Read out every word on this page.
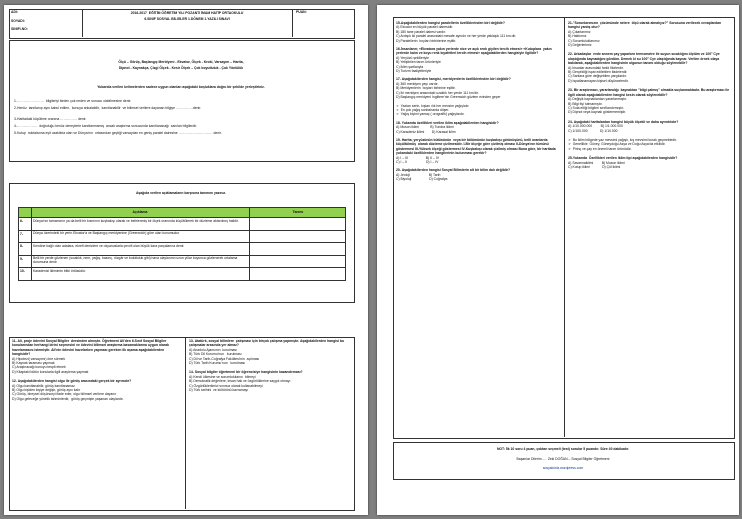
ADI:
SOYADI:
SINIFI-NO:
2016-2017  EĞİTİM ÖĞRETİM YILI POZANTI İMAM HATİP ORTAOKULU
6.SINIF SOSYAL BİLGİLER 1.DÖNEM 1.YAZILI SINAVI
PUAN:
Ölçü – Görüş, Başlangıç Meridyeni - Ekvator, Ölçek - Kroki, Varsayım – Harita,
Dipnot - Kaynakça, Çizgi Ölçek - Kesir Ölçek – Çok boyutluluk - Çok Yönlülük
Yukarıda verilen kelimelerden sadece uygun olanları aşağıdaki boşluklara doğru bir şekilde yerleştiriniz.
1.……………………  bilgileriyi birden çok neden ve sonucu olabilmesine denir.
2-Henüz  tanıtlanıp aynı kabul edilen,  konuya ankalabilir,  kanıtlanabilir  ve bilimsel verilere dayanan bilgiye ……………denir.
3-Haritadaki küçültme oranına …………… denir.
4-………………  doğruluğu henüz deneylerle kanıtlanmamış  ancak araştırma sonucunda kanıtlanacağı  sanılan bilgilerdir.
5-Kutup  noktalarına eşit uzaklıkta olan ve Dünya'nın  ortasından geçtiği varsayılan en geniş paralel dairesine ………………………… denir.
Aşağıda verilen açıklamaların karşısına tanımını yazınız.
Açıklama	Tanımı
6-	Dünya'nın tamamının ya da belli bir kısmının kuşbakışı olarak ve belirlenmiş bir ölçek oranında küçültülerek bir düzleme aktarılmış halidir.
7-	Dünya üzerindeki bir yerin Ekvator'a ve Başlangıç meridyenine (Greenwich) göre olan konumudur
8-	Kendine bağlı olan adalara, ekrefi denizlere ve okyanuslarla çevrili olan büyük kara parçalarına denir.
9-	Belli bir yerde gözlenen (sıcaklık, nem, yağış, basınç, rüzgâr ve bulutluluk gibi) hava olaylarının uzun yıllar boyunca gözlenerek ortalama durumuna denir.
10-	Karadenizi iklimimin bitki örtüsüdür.
11- Ali, proje ödevini Sosyal Bilgiler  dersinden almıştır. Öğretmeni Ali'den 6.Sınıf Sosyal Bilgiler konularından herhangi birini seçmesini ve ödevini bilimsel araştırma basamaklarına uygun olarak hazırlamasını istemiştir. Ali'nin ödevini hazırlarken yapması gereken ilk aşama aşağıdakilerden hangisidir?
A) Hipotezi( varsayımı) öne sürmek
B) Kaynak taraması yapmak
C) Araştıracağı konuyu tespit etmek
D) Kitaptaki bütün konularla ilgili araştırma yapmak
12- Aşağıdakilerden hangisi olgu ile görüş arasındaki gerçek bir ayrımdır?
A) Olgu kanıtlanabilir, görüş kanıtlanamaz
B) Olgu kişiden kişiye değişir, görüş aynı kalır
C) Görüş, bireysel düşünceyi ifade eder, olgu bilimsel verilere dayanır
D) Olgu geleceğe yönelik tahminlerdir,  görüş geçmişte yaşanan olaylardır.
13- Atatürk, sosyal bilimlere  çalışması için birçok çalışma yapmıştır. Aşağıdakilerden hangisi bu çalışmalar arasında yer almaz?
A) Anadolu Ajansının  kurulması
B) Türk Dil Kurumu'nun   kurulması
C) Dil ve Tarih-Coğrafya Fakültesi'nin  açılması
D) Türk Tarih Kurumu'nun   kurulması
14- Sosyal bilgiler öğretmeni bir öğrencisiye hangisinin kazandırması?
A) Kendi ülkesine ve sorumlulularını  bilmeyi
B) Demokratik değerlere, insan hak ve özgürlüklerine saygılı olmayı
C) Özgürlükleriimizi sınırsız olarak kullanabilmeyi
D) Türk tarihini  ve kültürünü kavramayı
15-Aşağıdakilerden hangisi paralellerin özelliklerinden biri değildir?
A) Ekvator en büyük paralel dairesidir.
B) 180 tane paralel dairesi vardır.
C) Ardışık iki paralel arasındaki mesafe aynıdır ve her yerde yaklaşık 111 km.dir.
D) Paralellerin  boyları birbirlerine eşittir.
16-İnsanların; «Ekvatora yakın yerlerde nice ve açık renk giyilen tercih etmesi» «Kutuplara  yakın yerlerde kalın ve koyu renk kıyafetleri tercih etmesi» aşağıdakilerden hangisiyle ilgilidir?
A) Yeryüzü şekilleriyle
B) Yetiştirilen tarım ürünleriyle
C) İklim şartlarıyla
D) Turizm faaliyetleriyle
17- Aşağıdakilerden hangisi, meridyenlerin özelliklerinden biri değildir?
A) 360 meridyen yayı vardır.
B) Meridyenlerin  boyları birbirine eşittir.
C) İki meridyen arasındaki uzaklık her yerde 111 km'dir.
D) Başlangıç meridyeni İngiltere'nin Greenwich gözlem evinden geçer
➢  Yazları serin, kışları ılık her mevsim yağışlıdır.
➢  En çok yağış sonbaharda düşer.
➢  Yağış biçimi yamaç ( orografik) yağışlardır.
18- Yukarıda özellikleri verilen iklim aşağıdakilerden hangisidir?
A) Muson iklimi            B) Tundra iklimi
C) Karadeniz iklimi        D) Karasal iklim
19- Harita; yeryüzünün bütününün  veya bir bölümünün kuşbakışı görünüşünü, belli oranlarda küçültülmüş  olarak düzleme çizilmesidir. I-Bir ölçeğe göre çizilmiş olması II-Dünya'nın tümünü göstermesi III-Yüksek ölçeği göstermesi IV-Kuşbakışı olarak çizilmiş olması Buna göre, bir haritada yukarıdaki özelliklerden hangilerinin bulunması gerekir?
A) I – III                   B) II – IV
C) I – II                    D) I – IV
20- Aşağıdakilerden hangisi Sosyal Bilimlerin alt bir bilim dalı değildir?
A) Jeoloji                    B) Tarih
C) Biyoloji                   D) Coğrafya
21-"Sorunlarımızın  çözümünde nelere  ölçü olarak almalıyız?" Sorusuna verilecek cevaplardan hangisi yanlış olur?
A) Çıkarlarımız
B) Hakkımız
C) Sorumluluklarımız
D) Değerlerimiz
22- Arkadaşlar  evde annem çay yaparken termometre ile suyun sıcaklığını ölçtüm ve 100° Cye ulaştığında kaynadığını gördüm. Demek ki su 100° Cye ulaştığında kaynar. Verilen örnek olaya bakılarak, aşağıdakilerden hangisinin olgunun tanımı olduğu söylenebilir?
A) İnsanlar arasındaki farklı fikirlerdir.
B) Gerçekliği ispat edilebilen ifadelerdir.
C) Sanlara göre değişebilen yargılardır.
D) Ispatlanamayan kişisel düşüncelerdir.
23- Bir araştırmacı, yararlandığı  kaynaktan "bilgi çalmış" olmakla suçlanmaktadır. Bu araştırmacı ile ilgili olarak aşağıdakilerden hangisi kesin olarak söylenebilir?
A) Değişik kaynaklardan yararlanmıştır.
B) Bilgi fişi tutmamıştır.
C) Sıda etliği bilgileri sınıflandırmıştır.
D) Dipnot veya kaynak göstermemiştir.
24- Aşağıdaki haritalardan hangisi büyük ölçekli ve daha ayrıntılıdır?
A) 1/10.000.000         B) 1/1.000.000
C) 1/100.000             D) 1/10.000
➢  Bu iklim bölgede yaz mevsimi yağışlı, kış mevsimi kurak geçmektedir.
➢  Genellikle  Güney, Güneydoğu Asya ve Doğu Asya'da etkilidir.
➢  Pirinç ve çay en önemli tarım ürünüdür.
25-Yukarıda  Özellikleri verilen iklim tipi aşağıdakilerden hangisidir?
A) Savannaiklimi         B) Muson iklimi
C) Kutup iklimi             D) Çöl iklimi
NOT: İlk 10 soru 4 puan, çoktan seçmeli (test) sorular 5 puandır. Süre 40 dakikadır.
Başarılar Dilerim….  Zeki DOĞAN – Sosyal Bilgiler Öğretmeni
sosyalciniz.wordpress.com
